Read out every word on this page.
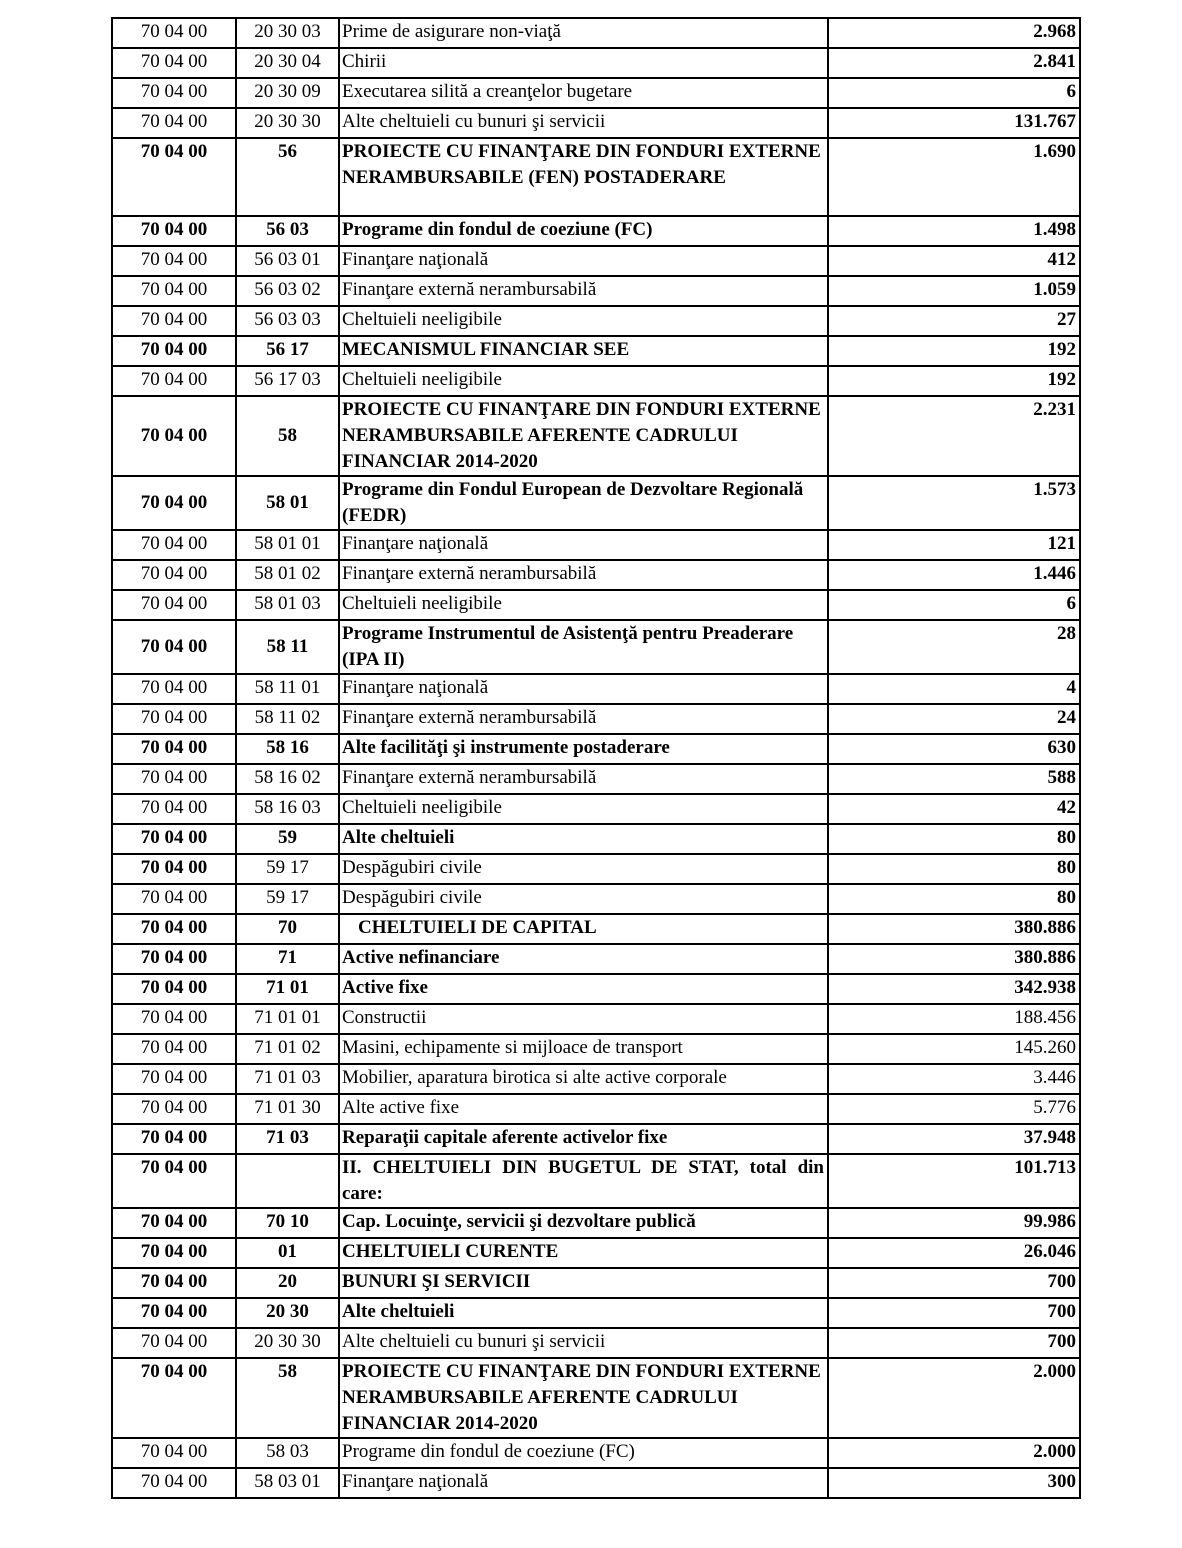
70 04 00	20 30 03	Prime de asigurare non-viaţă	2.968
70 04 00	20 30 04	Chirii	2.841
70 04 00	20 30 09	Executarea silită a creanţelor bugetare	6
70 04 00	20 30 30	Alte cheltuieli cu bunuri şi servicii	131.767
70 04 00	56	PROIECTE CU FINANŢARE DIN FONDURI EXTERNE NERAMBURSABILE (FEN) POSTADERARE	1.690
70 04 00	56 03	Programe din fondul de coeziune (FC)	1.498
70 04 00	56 03 01	Finanţare naţională	412
70 04 00	56 03 02	Finanţare externă nerambursabilă	1.059
70 04 00	56 03 03	Cheltuieli neeligibile	27
70 04 00	56 17	MECANISMUL FINANCIAR SEE	192
70 04 00	56 17 03	Cheltuieli neeligibile	192
70 04 00	58	PROIECTE CU FINANŢARE DIN FONDURI EXTERNE NERAMBURSABILE AFERENTE CADRULUI FINANCIAR 2014-2020	2.231
70 04 00	58 01	Programe din Fondul European de Dezvoltare Regională (FEDR)	1.573
70 04 00	58 01 01	Finanţare naţională	121
70 04 00	58 01 02	Finanţare externă nerambursabilă	1.446
70 04 00	58 01 03	Cheltuieli neeligibile	6
70 04 00	58 11	Programe Instrumentul de Asistenţă pentru Preaderare (IPA II)	28
70 04 00	58 11 01	Finanţare naţională	4
70 04 00	58 11 02	Finanţare externă nerambursabilă	24
70 04 00	58 16	Alte facilităţi şi instrumente postaderare	630
70 04 00	58 16 02	Finanţare externă nerambursabilă	588
70 04 00	58 16 03	Cheltuieli neeligibile	42
70 04 00	59	Alte cheltuieli	80
70 04 00	59 17	Despăgubiri civile	80
70 04 00	59 17	Despăgubiri civile	80
70 04 00	70	CHELTUIELI DE CAPITAL	380.886
70 04 00	71	Active nefinanciare	380.886
70 04 00	71 01	Active fixe	342.938
70 04 00	71 01 01	Constructii	188.456
70 04 00	71 01 02	Masini, echipamente si mijloace de transport	145.260
70 04 00	71 01 03	Mobilier, aparatura birotica si alte active corporale	3.446
70 04 00	71 01 30	Alte active fixe	5.776
70 04 00	71 03	Reparaţii capitale aferente activelor fixe	37.948
70 04 00		II. CHELTUIELI DIN BUGETUL DE STAT, total din care:	101.713
70 04 00	70 10	Cap. Locuinţe, servicii şi dezvoltare publică	99.986
70 04 00	01	CHELTUIELI CURENTE	26.046
70 04 00	20	BUNURI ŞI SERVICII	700
70 04 00	20 30	Alte cheltuieli	700
70 04 00	20 30 30	Alte cheltuieli cu bunuri şi servicii	700
70 04 00	58	PROIECTE CU FINANŢARE DIN FONDURI EXTERNE NERAMBURSABILE AFERENTE CADRULUI FINANCIAR 2014-2020	2.000
70 04 00	58 03	Programe din fondul de coeziune (FC)	2.000
70 04 00	58 03 01	Finanţare naţională	300
